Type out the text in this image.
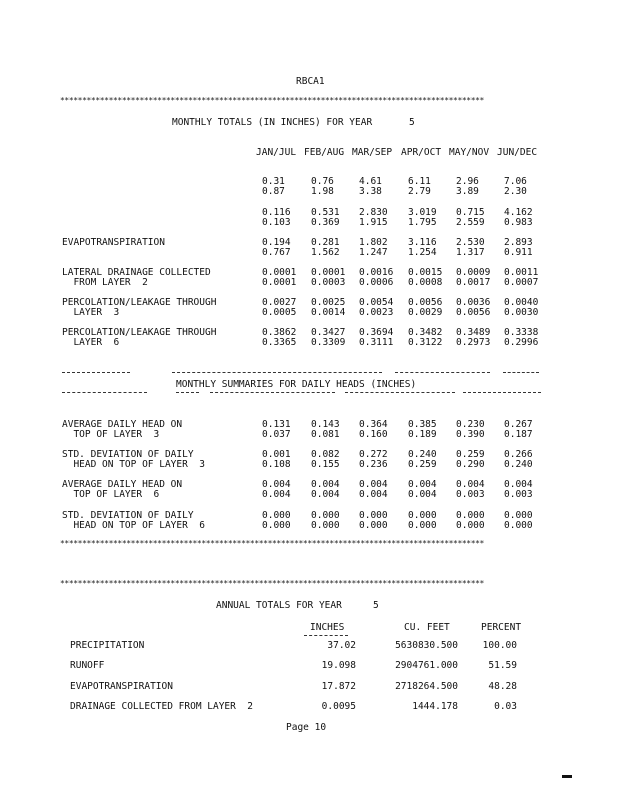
RBCA1
************************************************************************************************
MONTHLY TOTALS (IN INCHES) FOR YEAR	5
JAN/JUL FEB/AUG MAR/SEP APR/OCT MAY/NOV JUN/DEC
0.31	0.76	4.61	6.11	2.96	7.06
0.87	1.98	3.38	2.79	3.89	2.30
0.116 0.531 2.830 3.019 0.715 4.162
0.103 0.369 1.915 1.795 2.559 0.983
EVAPOTRANSPIRATION	0.194 0.281 1.802 3.116 2.530 2.893
0.767 1.562 1.247 1.254 1.317 0.911
LATERAL DRAINAGE COLLECTED
FROM LAYER  2
0.0001 0.0001 0.0016 0.0015 0.0009 0.0011
0.0001 0.0003 0.0006 0.0008 0.0017 0.0007
PERCOLATION/LEAKAGE THROUGH
LAYER  3
0.0027 0.0025 0.0054 0.0056 0.0036 0.0040
0.0005 0.0014 0.0023 0.0029 0.0056 0.0030
PERCOLATION/LEAKAGE THROUGH
LAYER  6
0.3862 0.3427 0.3694 0.3482 0.3489 0.3338
0.3365 0.3309 0.3111 0.3122 0.2973 0.2996
MONTHLY SUMMARIES FOR DAILY HEADS (INCHES)
AVERAGE DAILY HEAD ON
TOP OF LAYER  3
0.131 0.143 0.364 0.385 0.230 0.267
0.037 0.081 0.160 0.189 0.390 0.187
STD. DEVIATION OF DAILY
HEAD ON TOP OF LAYER  3
0.001 0.082 0.272 0.240 0.259 0.266
0.108 0.155 0.236 0.259 0.290 0.240
AVERAGE DAILY HEAD ON
TOP OF LAYER  6
0.004 0.004 0.004 0.004 0.004 0.004
0.004 0.004 0.004 0.004 0.003 0.003
STD. DEVIATION OF DAILY
HEAD ON TOP OF LAYER  6
0.000 0.000 0.000 0.000 0.000 0.000
0.000 0.000 0.000 0.000 0.000 0.000
************************************************************************************************
************************************************************************************************
ANNUAL TOTALS FOR YEAR	5
INCHES	CU. FEET	PERCENT
PRECIPITATION	37.02	5630830.500	100.00
RUNOFF	19.098	2904761.000	51.59
EVAPOTRANSPIRATION	17.872	2718264.500	48.28
DRAINAGE COLLECTED FROM LAYER  2	0.0095	1444.178	0.03
Page 10
